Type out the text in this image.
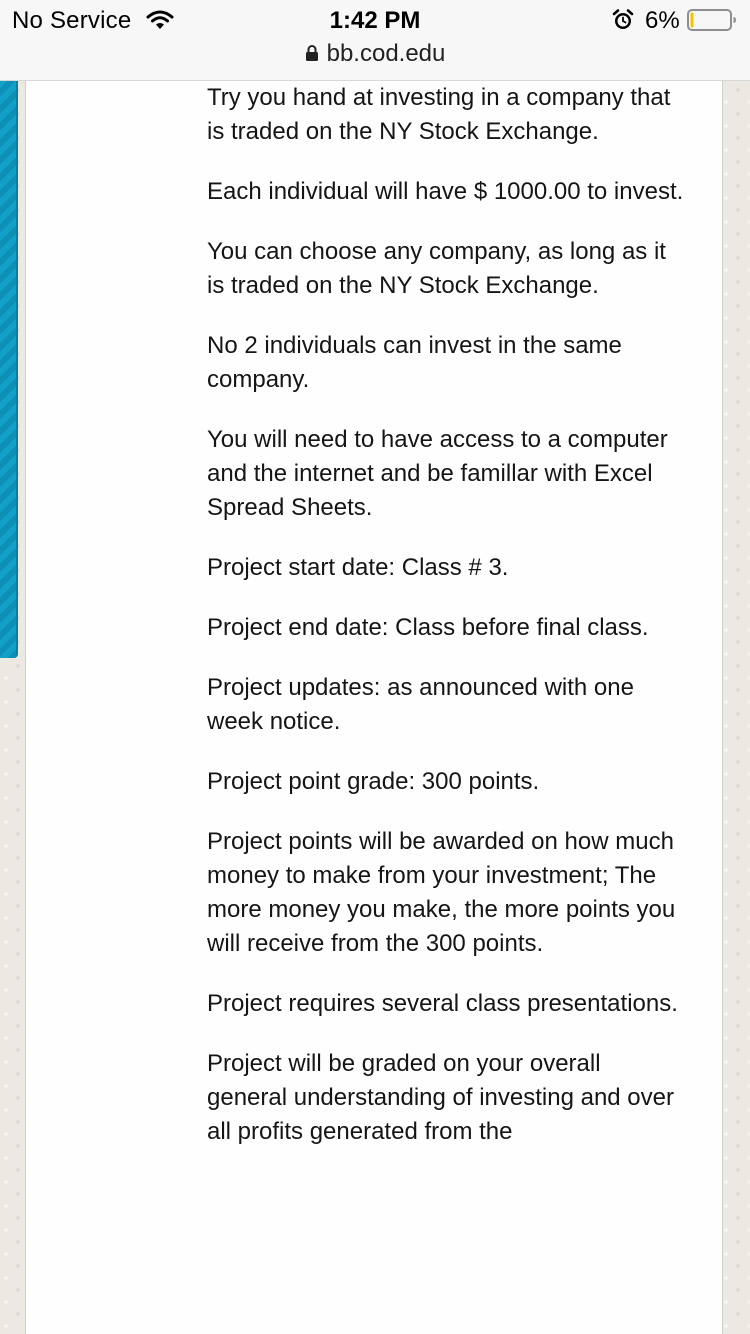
No Service	1:42 PM	6%
bb.cod.edu

Try you hand at investing in a company that is traded on the NY Stock Exchange.

Each individual will have $ 1000.00 to invest.

You can choose any company, as long as it is traded on the NY Stock Exchange.

No 2 individuals can invest in the same company.

You will need to have access to a computer and the internet and be famillar with Excel Spread Sheets.

Project start date: Class # 3.

Project end date: Class before final class.

Project updates: as announced with one week notice.

Project point grade: 300 points.

Project points will be awarded on how much money to make from your investment; The more money you make, the more points you will receive from the 300 points.

Project requires several class presentations.

Project will be graded on your overall general understanding of investing and over all profits generated from the
